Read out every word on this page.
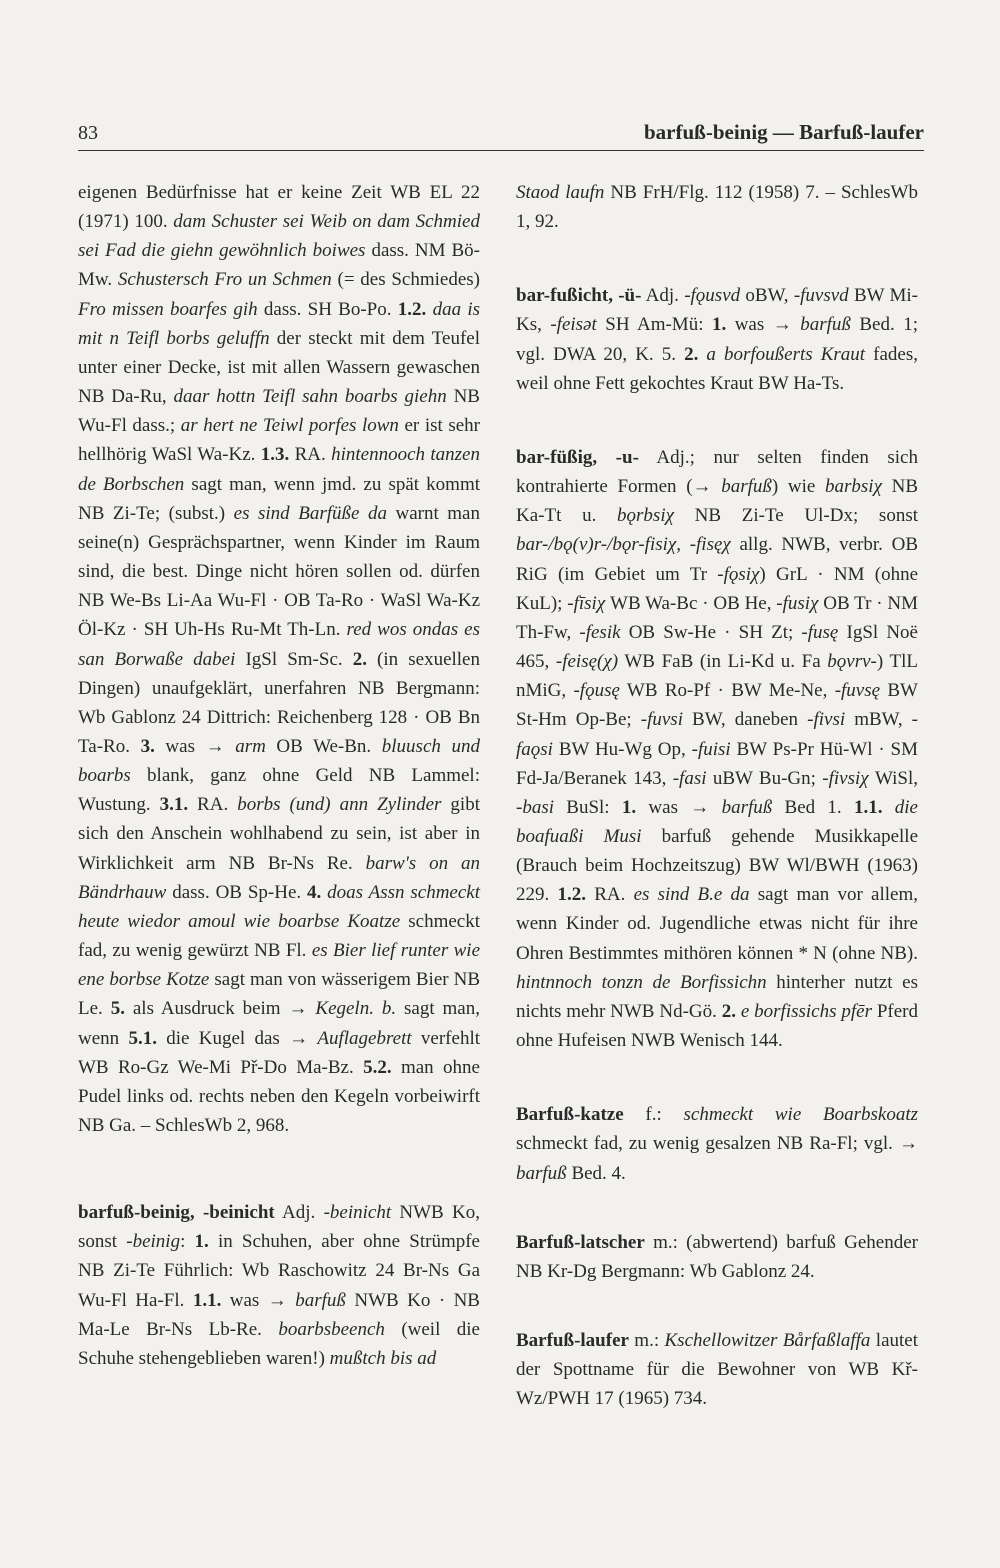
83	barfuß-beinig — Barfuß-laufer

eigenen Bedürfnisse hat er keine Zeit WB EL 22 (1971) 100. dam Schuster sei Weib on dam Schmied sei Fad die giehn gewöhnlich boiwes dass. NM Bö-Mw. Schustersch Fro un Schmen (= des Schmiedes) Fro missen boarfes gih dass. SH Bo-Po. 1.2. daa is mit n Teifl borbs geluffn der steckt mit dem Teufel unter einer Decke, ist mit allen Wassern gewaschen NB Da-Ru, daar hottn Teifl sahn boarbs giehn NB Wu-Fl dass.; ar hert ne Teiwl porfes lown er ist sehr hellhörig WaSl Wa-Kz. 1.3. RA. hintennooch tanzen de Borbschen sagt man, wenn jmd. zu spät kommt NB Zi-Te; (subst.) es sind Barfüße da warnt man seine(n) Gesprächspartner, wenn Kinder im Raum sind, die best. Dinge nicht hören sollen od. dürfen NB We-Bs Li-Aa Wu-Fl · OB Ta-Ro · WaSl Wa-Kz Öl-Kz · SH Uh-Hs Ru-Mt Th-Ln. red wos ondas es san Borwaße dabei IgSl Sm-Sc. 2. (in sexuellen Dingen) unaufgeklärt, unerfahren NB Bergmann: Wb Gablonz 24 Dittrich: Reichenberg 128 · OB Bn Ta-Ro. 3. was → arm OB We-Bn. bluusch und boarbs blank, ganz ohne Geld NB Lammel: Wustung. 3.1. RA. borbs (und) ann Zylinder gibt sich den Anschein wohlhabend zu sein, ist aber in Wirklichkeit arm NB Br-Ns Re. barw's on an Bändrhauw dass. OB Sp-He. 4. doas Assn schmeckt heute wiedor amoul wie boarbse Koatze schmeckt fad, zu wenig gewürzt NB Fl. es Bier lief runter wie ene borbse Kotze sagt man von wässerigem Bier NB Le. 5. als Ausdruck beim → Kegeln. b. sagt man, wenn 5.1. die Kugel das → Auflagebrett verfehlt WB Ro-Gz We-Mi Př-Do Ma-Bz. 5.2. man ohne Pudel links od. rechts neben den Kegeln vorbeiwirft NB Ga. – SchlesWb 2, 968.

barfuß-beinig, -beinicht Adj. -beinicht NWB Ko, sonst -beinig: 1. in Schuhen, aber ohne Strümpfe NB Zi-Te Führlich: Wb Raschowitz 24 Br-Ns Ga Wu-Fl Ha-Fl. 1.1. was → barfuß NWB Ko · NB Ma-Le Br-Ns Lb-Re. boarbsbeench (weil die Schuhe stehengeblieben waren!) mußtch bis ad

Staod laufn NB FrH/Flg. 112 (1958) 7. – SchlesWb 1, 92.

bar-fußicht, -ü- Adj. -fǫusvd oBW, -fuvsvd BW Mi-Ks, -feisət SH Am-Mü: 1. was → barfuß Bed. 1; vgl. DWA 20, K. 5. 2. a borfoußerts Kraut fades, weil ohne Fett gekochtes Kraut BW Ha-Ts.

bar-füßig, -u- Adj.; nur selten finden sich kontrahierte Formen (→ barfuß) wie barbsiχ NB Ka-Tt u. bǫrbsiχ NB Zi-Te Ul-Dx; sonst bar-/bǫ(v)r-/bǫr-fisiχ, -fisęχ allg. NWB, verbr. OB RiG (im Gebiet um Tr -fǫsiχ) GrL · NM (ohne KuL); -fīsiχ WB Wa-Bc · OB He, -fusiχ OB Tr · NM Th-Fw, -fesik OB Sw-He · SH Zt; -fusę IgSl Noë 465, -feisę(χ) WB FaB (in Li-Kd u. Fa bǫvrv-) TlL nMiG, -fǫusę WB Ro-Pf · BW Me-Ne, -fuvsę BW St-Hm Op-Be; -fuvsi BW, daneben -fivsi mBW, -faǫsi BW Hu-Wg Op, -fuisi BW Ps-Pr Hü-Wl · SM Fd-Ja/Beranek 143, -fasi uBW Bu-Gn; -fivsiχ WiSl, -basi BuSl: 1. was → barfuß Bed 1. 1.1. die boafuaßi Musi barfuß gehende Musikkapelle (Brauch beim Hochzeitszug) BW Wl/BWH (1963) 229. 1.2. RA. es sind B.e da sagt man vor allem, wenn Kinder od. Jugendliche etwas nicht für ihre Ohren Bestimmtes mithören können * N (ohne NB). hintnnoch tonzn de Borfissichn hinterher nutzt es nichts mehr NWB Nd-Gö. 2. e borfissichs pfēr Pferd ohne Hufeisen NWB Wenisch 144.

Barfuß-katze f.: schmeckt wie Boarbskoatz schmeckt fad, zu wenig gesalzen NB Ra-Fl; vgl. → barfuß Bed. 4.

Barfuß-latscher m.: (abwertend) barfuß Gehender NB Kr-Dg Bergmann: Wb Gablonz 24.

Barfuß-laufer m.: Kschellowitzer Bårfaßlaffa lautet der Spottname für die Bewohner von WB Kř-Wz/PWH 17 (1965) 734.
